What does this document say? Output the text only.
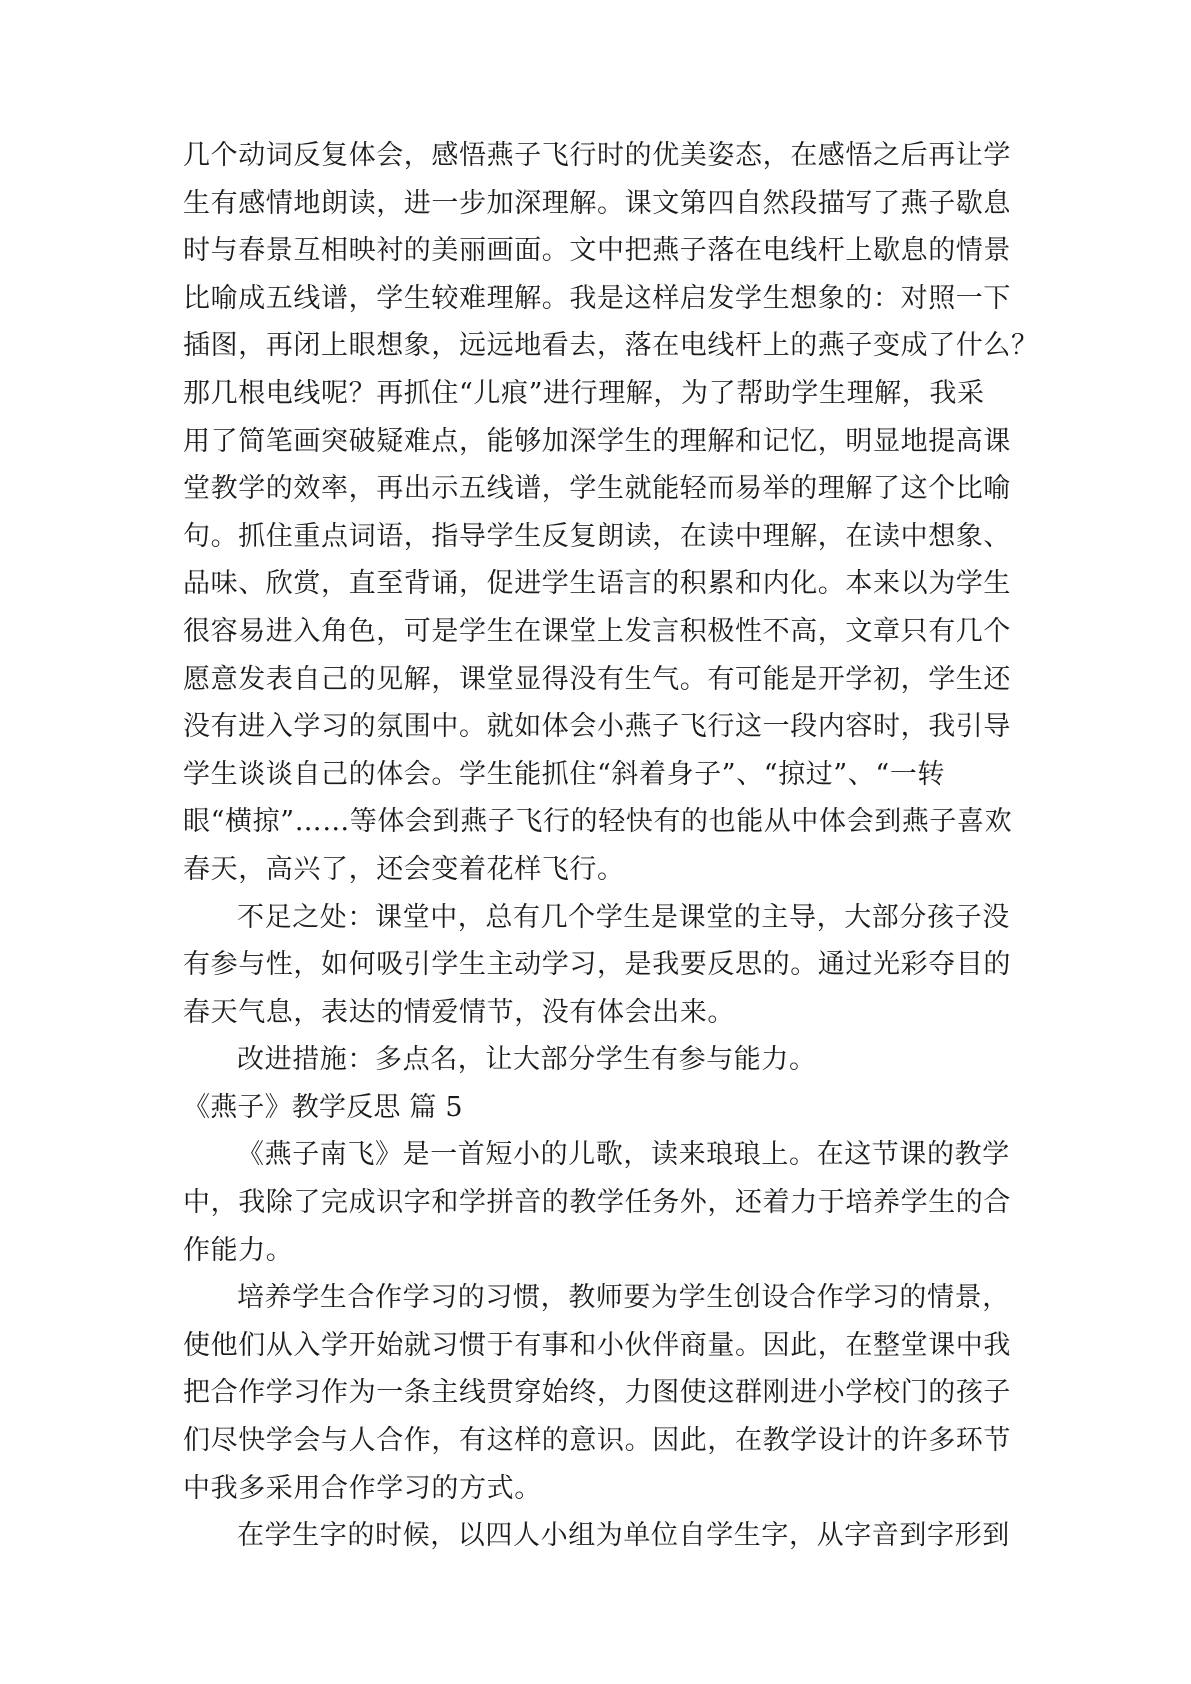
几个动词反复体会，感悟燕子飞行时的优美姿态，在感悟之后再让学
生有感情地朗读，进一步加深理解。课文第四自然段描写了燕子歇息
时与春景互相映衬的美丽画面。文中把燕子落在电线杆上歇息的情景
比喻成五线谱，学生较难理解。我是这样启发学生想象的：对照一下
插图，再闭上眼想象，远远地看去，落在电线杆上的燕子变成了什么？
那几根电线呢？再抓住“儿痕”进行理解，为了帮助学生理解，我采
用了简笔画突破疑难点，能够加深学生的理解和记忆，明显地提高课
堂教学的效率，再出示五线谱，学生就能轻而易举的理解了这个比喻
句。抓住重点词语，指导学生反复朗读，在读中理解，在读中想象、
品味、欣赏，直至背诵，促进学生语言的积累和内化。本来以为学生
很容易进入角色，可是学生在课堂上发言积极性不高，文章只有几个
愿意发表自己的见解，课堂显得没有生气。有可能是开学初，学生还
没有进入学习的氛围中。就如体会小燕子飞行这一段内容时，我引导
学生谈谈自己的体会。学生能抓住“斜着身子”、“掠过”、“一转
眼“横掠”……等体会到燕子飞行的轻快有的也能从中体会到燕子喜欢
春天，高兴了，还会变着花样飞行。
不足之处：课堂中，总有几个学生是课堂的主导，大部分孩子没
有参与性，如何吸引学生主动学习，是我要反思的。通过光彩夺目的
春天气息，表达的情爱情节，没有体会出来。
改进措施：多点名，让大部分学生有参与能力。
《燕子》教学反思 篇 5
《燕子南飞》是一首短小的儿歌，读来琅琅上。在这节课的教学
中，我除了完成识字和学拼音的教学任务外，还着力于培养学生的合
作能力。
培养学生合作学习的习惯，教师要为学生创设合作学习的情景，
使他们从入学开始就习惯于有事和小伙伴商量。因此，在整堂课中我
把合作学习作为一条主线贯穿始终，力图使这群刚进小学校门的孩子
们尽快学会与人合作，有这样的意识。因此，在教学设计的许多环节
中我多采用合作学习的方式。
在学生字的时候，以四人小组为单位自学生字，从字音到字形到
